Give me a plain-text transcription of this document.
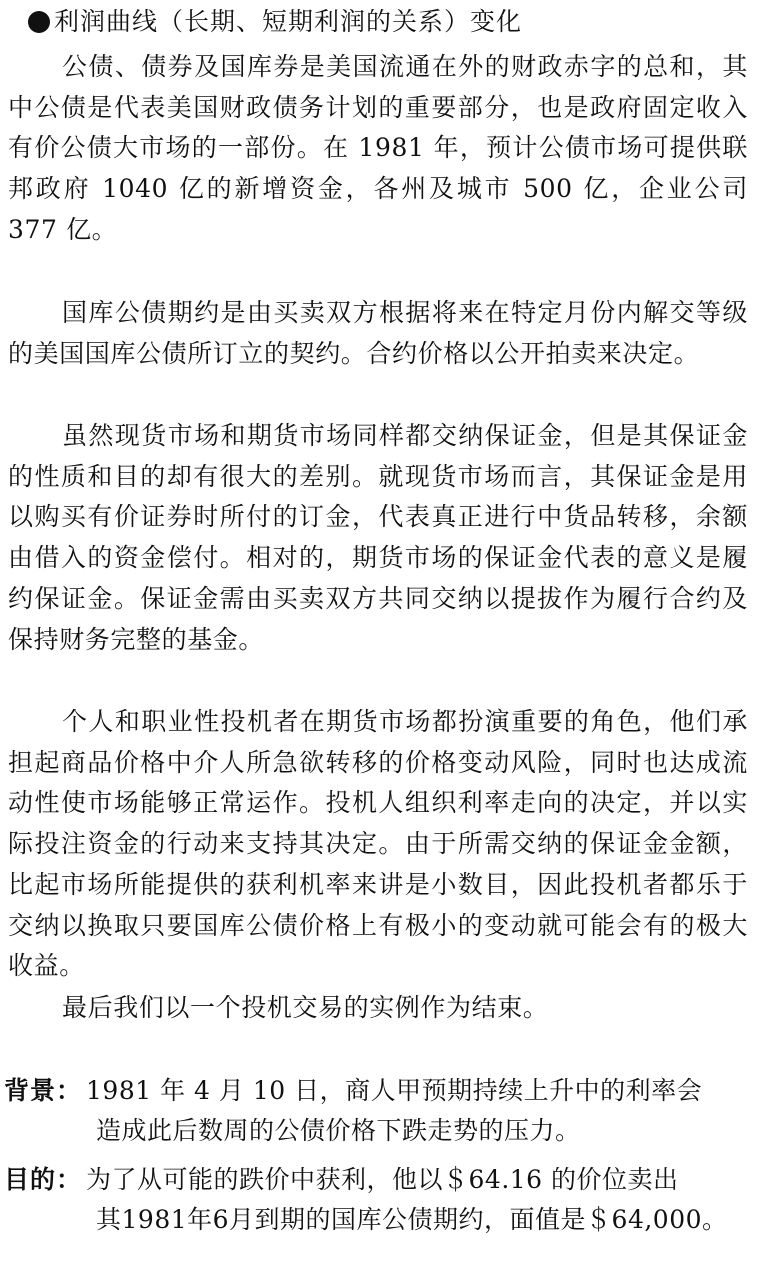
利润曲线（长期、短期利润的关系）变化

公债、债券及国库券是美国流通在外的财政赤字的总和，其中公债是代表美国财政债务计划的重要部分，也是政府固定收入有价公债大市场的一部份。在 1981 年，预计公债市场可提供联邦政府 1040 亿的新增资金，各州及城市 500 亿，企业公司 377 亿。

国库公债期约是由买卖双方根据将来在特定月份内解交等级的美国国库公债所订立的契约。合约价格以公开拍卖来决定。

虽然现货市场和期货市场同样都交纳保证金，但是其保证金的性质和目的却有很大的差别。就现货市场而言，其保证金是用以购买有价证券时所付的订金，代表真正进行中货品转移，余额由借入的资金偿付。相对的，期货市场的保证金代表的意义是履约保证金。保证金需由买卖双方共同交纳以提拔作为履行合约及保持财务完整的基金。

个人和职业性投机者在期货市场都扮演重要的角色，他们承担起商品价格中介人所急欲转移的价格变动风险，同时也达成流动性使市场能够正常运作。投机人组织利率走向的决定，并以实际投注资金的行动来支持其决定。由于所需交纳的保证金金额，比起市场所能提供的获利机率来讲是小数目，因此投机者都乐于交纳以换取只要国库公债价格上有极小的变动就可能会有的极大收益。

最后我们以一个投机交易的实例作为结束。

背景： 1981 年 4 月 10 日，商人甲预期持续上升中的利率会
造成此后数周的公债价格下跌走势的压力。
目的： 为了从可能的跌价中获利，他以＄64.16 的价位卖出
其1981年6月到期的国库公债期约，面值是＄64,000。
